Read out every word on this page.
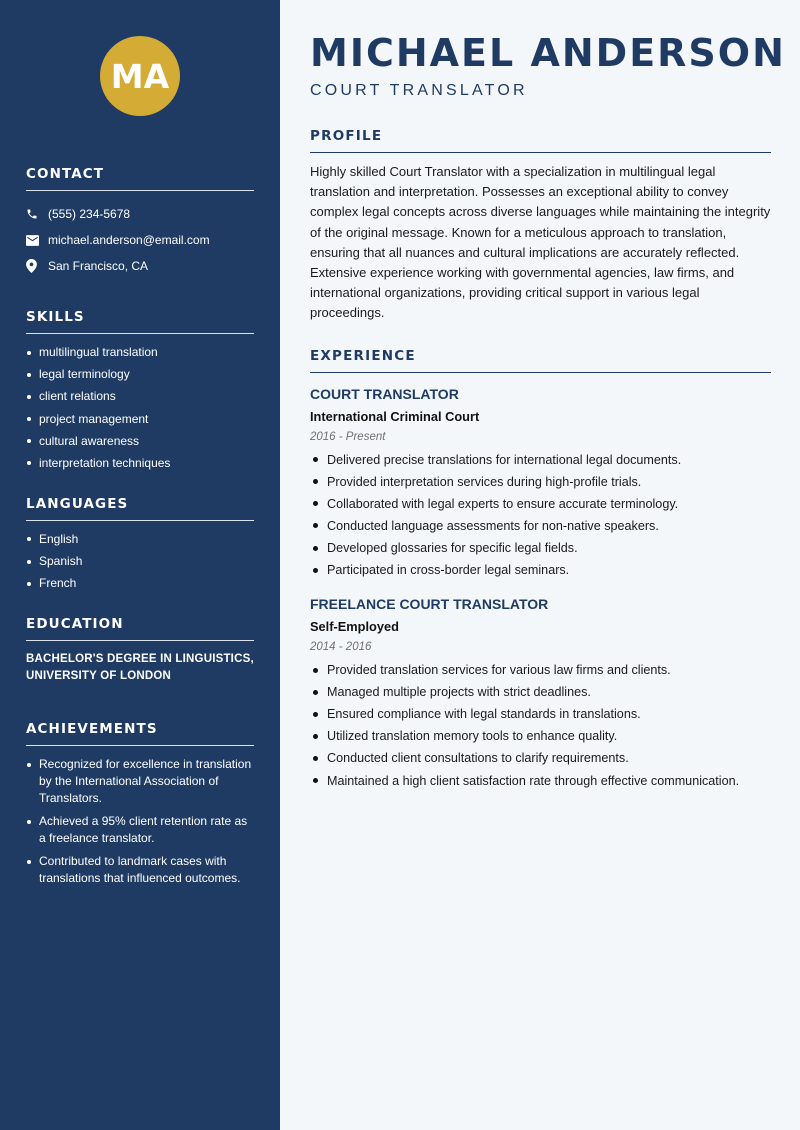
MA
CONTACT
(555) 234-5678
michael.anderson@email.com
San Francisco, CA
SKILLS
multilingual translation
legal terminology
client relations
project management
cultural awareness
interpretation techniques
LANGUAGES
English
Spanish
French
EDUCATION
BACHELOR'S DEGREE IN LINGUISTICS, UNIVERSITY OF LONDON
ACHIEVEMENTS
Recognized for excellence in translation by the International Association of Translators.
Achieved a 95% client retention rate as a freelance translator.
Contributed to landmark cases with translations that influenced outcomes.
MICHAEL ANDERSON
COURT TRANSLATOR
PROFILE
Highly skilled Court Translator with a specialization in multilingual legal translation and interpretation. Possesses an exceptional ability to convey complex legal concepts across diverse languages while maintaining the integrity of the original message. Known for a meticulous approach to translation, ensuring that all nuances and cultural implications are accurately reflected. Extensive experience working with governmental agencies, law firms, and international organizations, providing critical support in various legal proceedings.
EXPERIENCE
COURT TRANSLATOR
International Criminal Court
2016 - Present
Delivered precise translations for international legal documents.
Provided interpretation services during high-profile trials.
Collaborated with legal experts to ensure accurate terminology.
Conducted language assessments for non-native speakers.
Developed glossaries for specific legal fields.
Participated in cross-border legal seminars.
FREELANCE COURT TRANSLATOR
Self-Employed
2014 - 2016
Provided translation services for various law firms and clients.
Managed multiple projects with strict deadlines.
Ensured compliance with legal standards in translations.
Utilized translation memory tools to enhance quality.
Conducted client consultations to clarify requirements.
Maintained a high client satisfaction rate through effective communication.
